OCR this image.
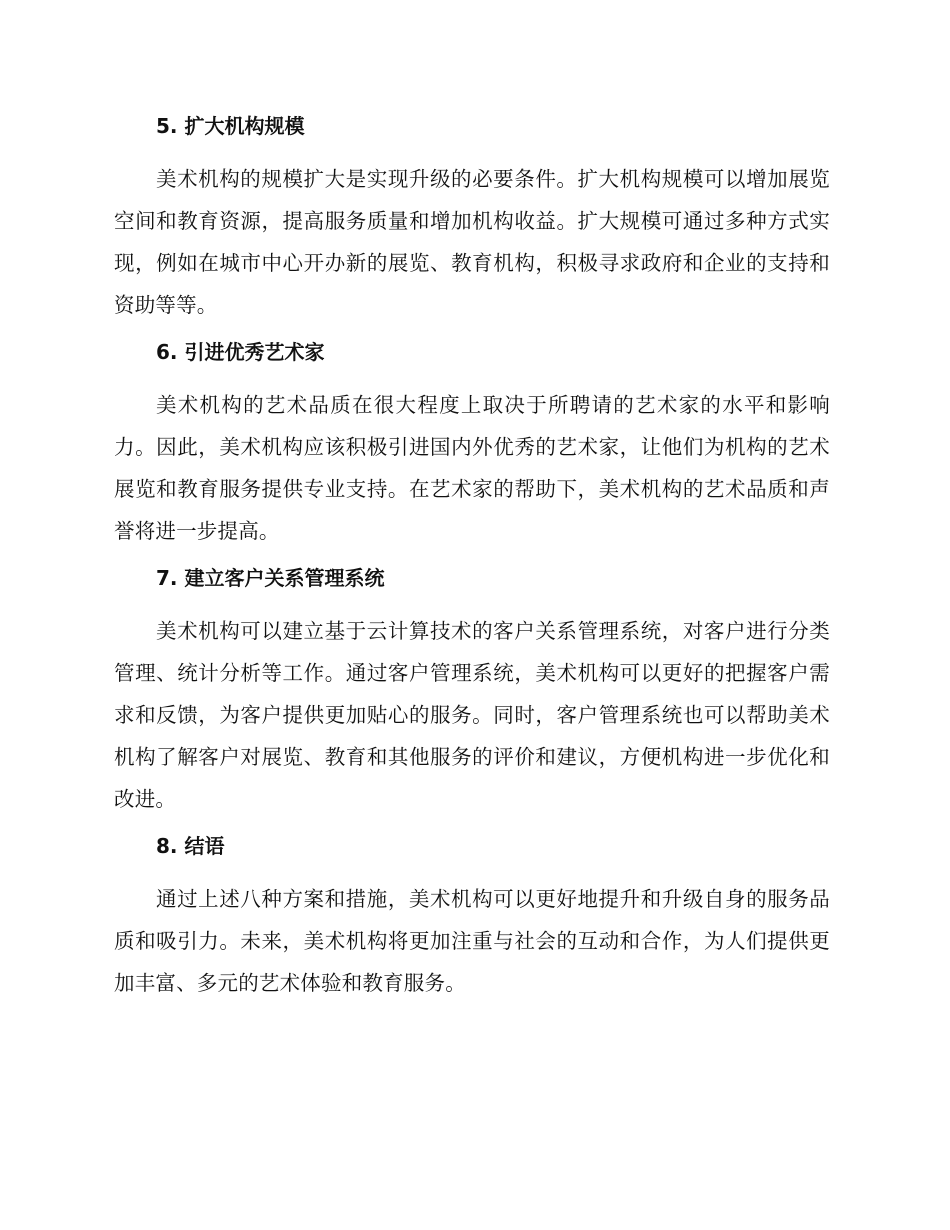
5. 扩大机构规模

美术机构的规模扩大是实现升级的必要条件。扩大机构规模可以增加展览空间和教育资源，提高服务质量和增加机构收益。扩大规模可通过多种方式实现，例如在城市中心开办新的展览、教育机构，积极寻求政府和企业的支持和资助等等。

6. 引进优秀艺术家

美术机构的艺术品质在很大程度上取决于所聘请的艺术家的水平和影响力。因此，美术机构应该积极引进国内外优秀的艺术家，让他们为机构的艺术展览和教育服务提供专业支持。在艺术家的帮助下，美术机构的艺术品质和声誉将进一步提高。

7. 建立客户关系管理系统

美术机构可以建立基于云计算技术的客户关系管理系统，对客户进行分类管理、统计分析等工作。通过客户管理系统，美术机构可以更好的把握客户需求和反馈，为客户提供更加贴心的服务。同时，客户管理系统也可以帮助美术机构了解客户对展览、教育和其他服务的评价和建议，方便机构进一步优化和改进。

8. 结语

通过上述八种方案和措施，美术机构可以更好地提升和升级自身的服务品质和吸引力。未来，美术机构将更加注重与社会的互动和合作，为人们提供更加丰富、多元的艺术体验和教育服务。
